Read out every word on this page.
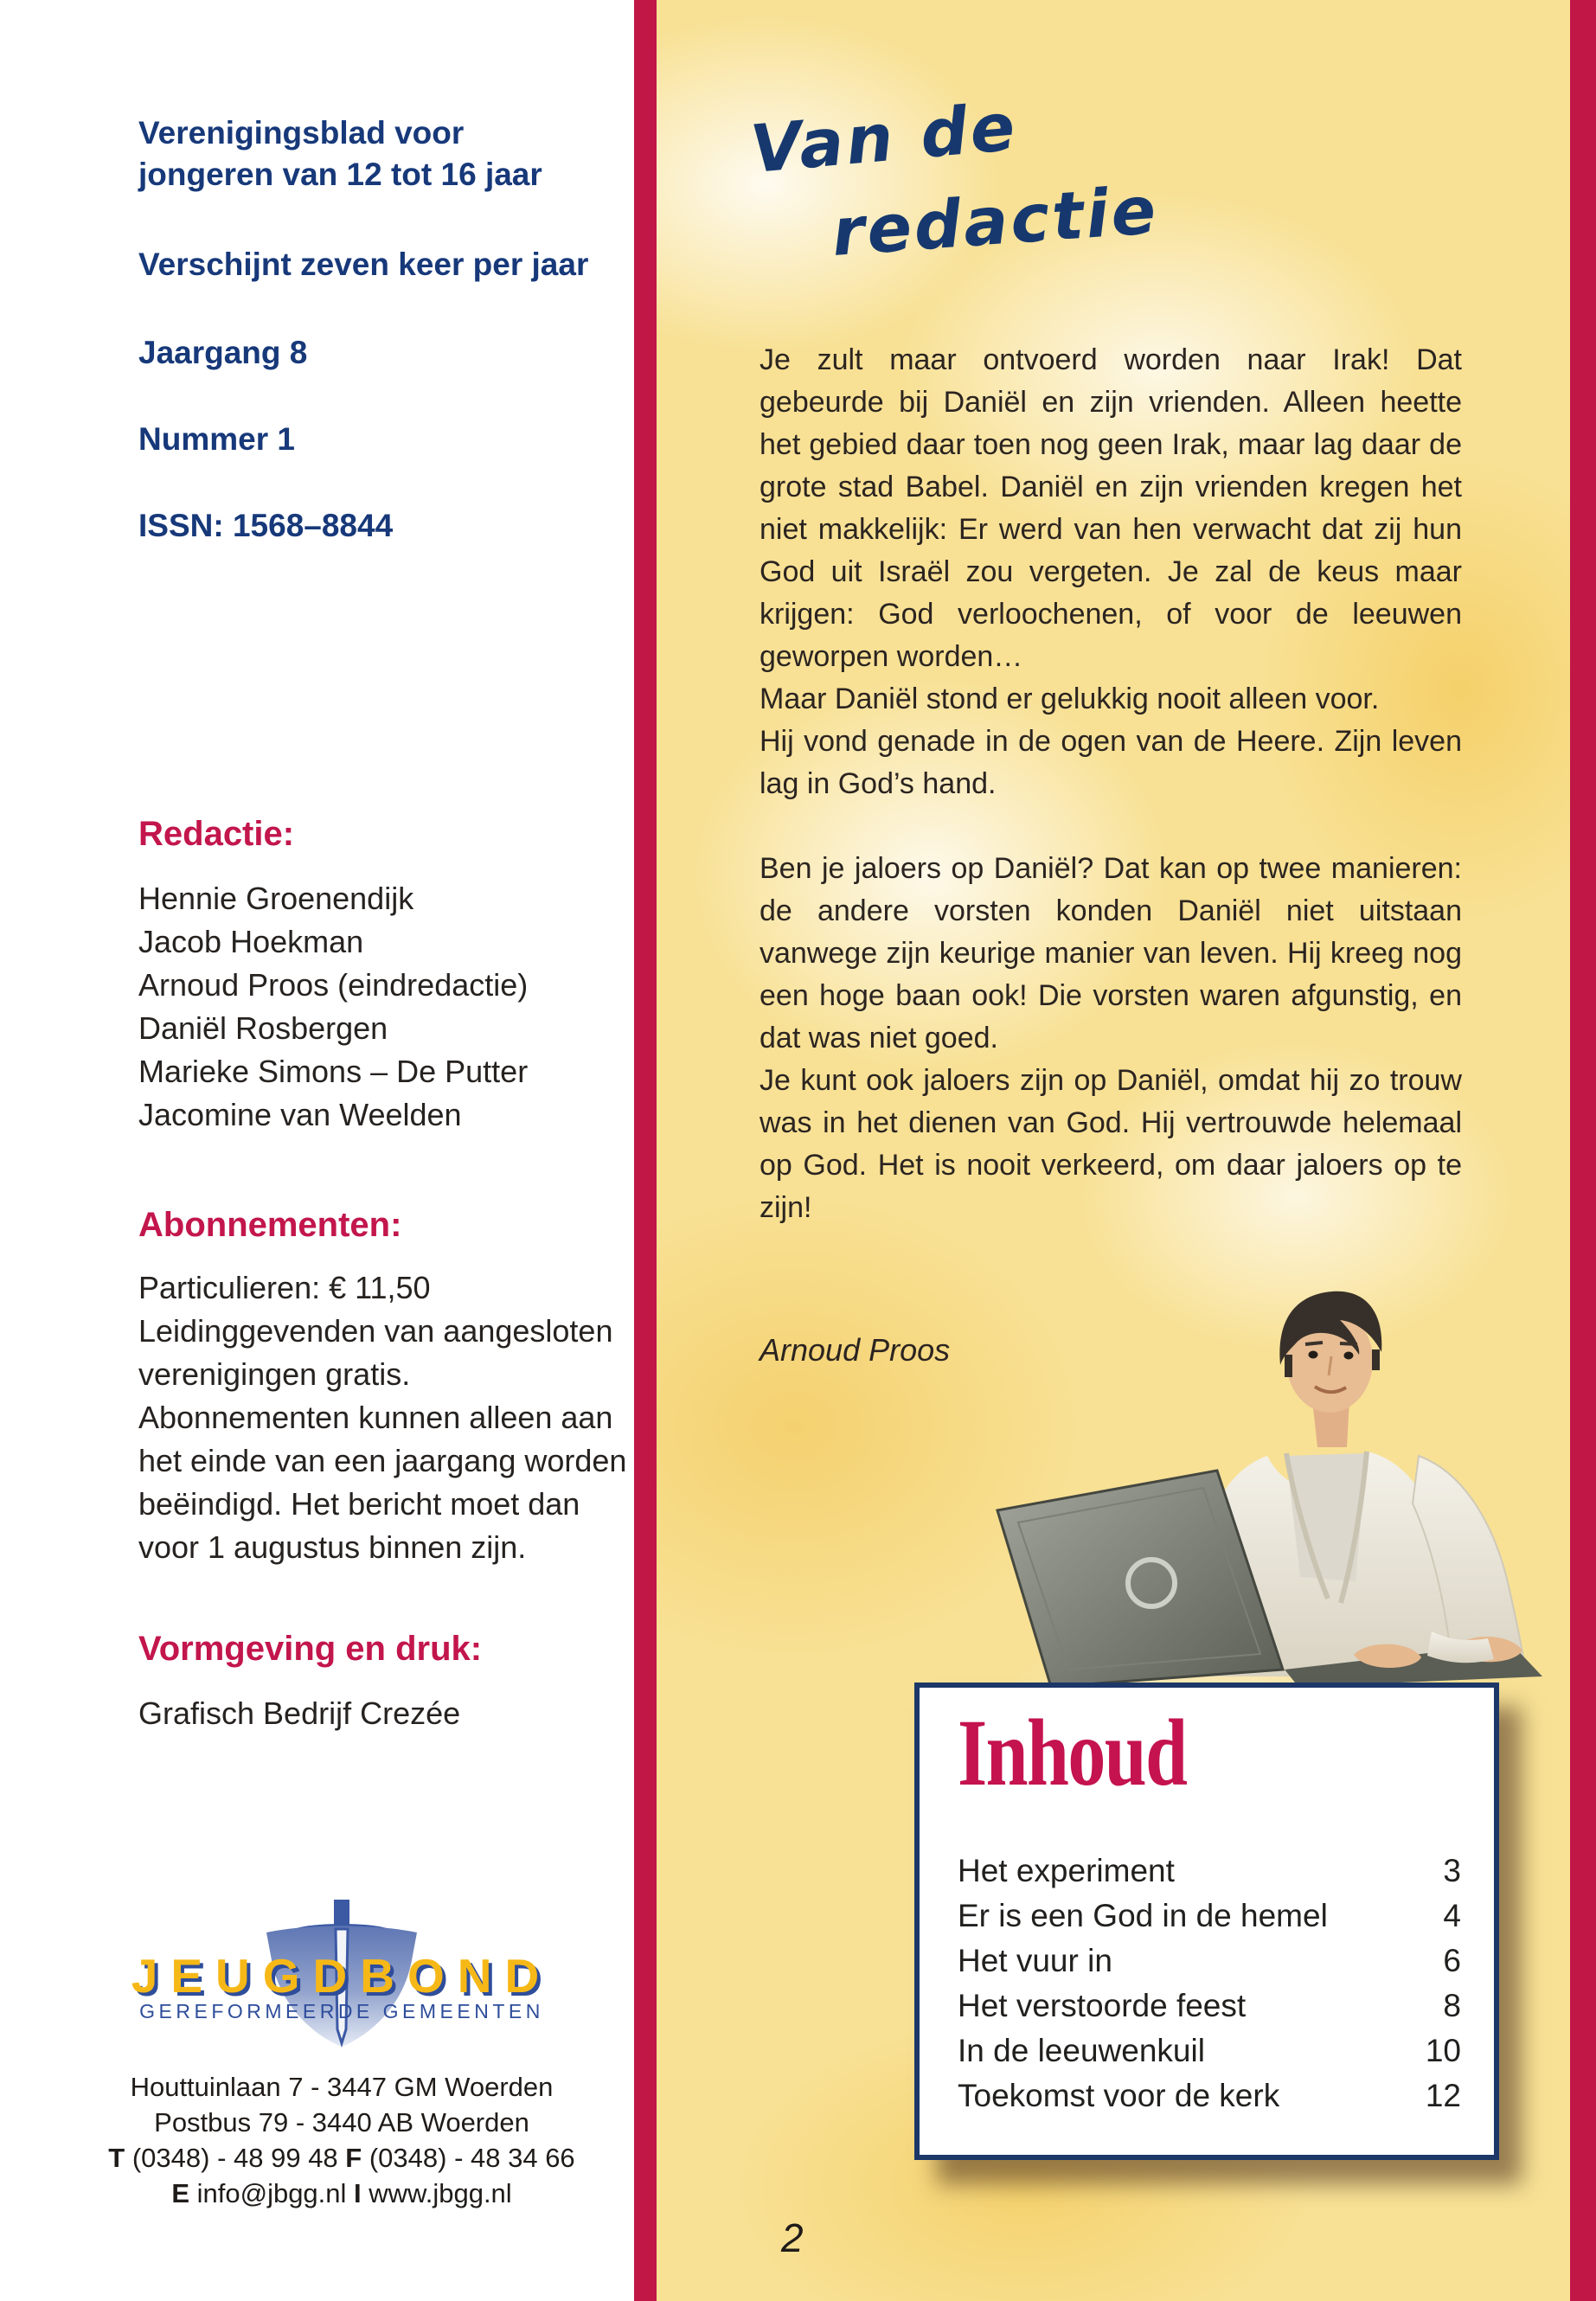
Verenigingsblad voor
jongeren van 12 tot 16 jaar
Verschijnt zeven keer per jaar
Jaargang 8
Nummer 1
ISSN: 1568–8844
Redactie:
Hennie Groenendijk
Jacob Hoekman
Arnoud Proos (eindredactie)
Daniël Rosbergen
Marieke Simons – De Putter
Jacomine van Weelden
Abonnementen:
Particulieren: € 11,50
Leidinggevenden van aangesloten
verenigingen gratis.
Abonnementen kunnen alleen aan
het einde van een jaargang worden
beëindigd. Het bericht moet dan
voor 1 augustus binnen zijn.
Vormgeving en druk:
Grafisch Bedrijf Crezée
JEUGDBOND
GEREFORMEERDE GEMEENTEN
Houttuinlaan 7 - 3447 GM Woerden
Postbus 79 - 3440 AB Woerden
T (0348) - 48 99 48 F (0348) - 48 34 66
E info@jbgg.nl I www.jbgg.nl
Van de
redactie
Je zult maar ontvoerd worden naar Irak! Dat gebeurde bij Daniël en zijn vrienden. Alleen heette het gebied daar toen nog geen Irak, maar lag daar de grote stad Babel. Daniël en zijn vrienden kregen het niet makkelijk: Er werd van hen verwacht dat zij hun God uit Israël zou vergeten. Je zal de keus maar krijgen: God verloochenen, of voor de leeuwen geworpen worden…
Maar Daniël stond er gelukkig nooit alleen voor.
Hij vond genade in de ogen van de Heere. Zijn leven lag in God’s hand.
Ben je jaloers op Daniël? Dat kan op twee manieren: de andere vorsten konden Daniël niet uitstaan vanwege zijn keurige manier van leven. Hij kreeg nog een hoge baan ook! Die vorsten waren afgunstig, en dat was niet goed.
Je kunt ook jaloers zijn op Daniël, omdat hij zo trouw was in het dienen van God. Hij vertrouwde helemaal op God. Het is nooit verkeerd, om daar jaloers op te zijn!
Arnoud Proos
Inhoud
Het experiment	3
Er is een God in de hemel	4
Het vuur in	6
Het verstoorde feest	8
In de leeuwenkuil	10
Toekomst voor de kerk	12
2
